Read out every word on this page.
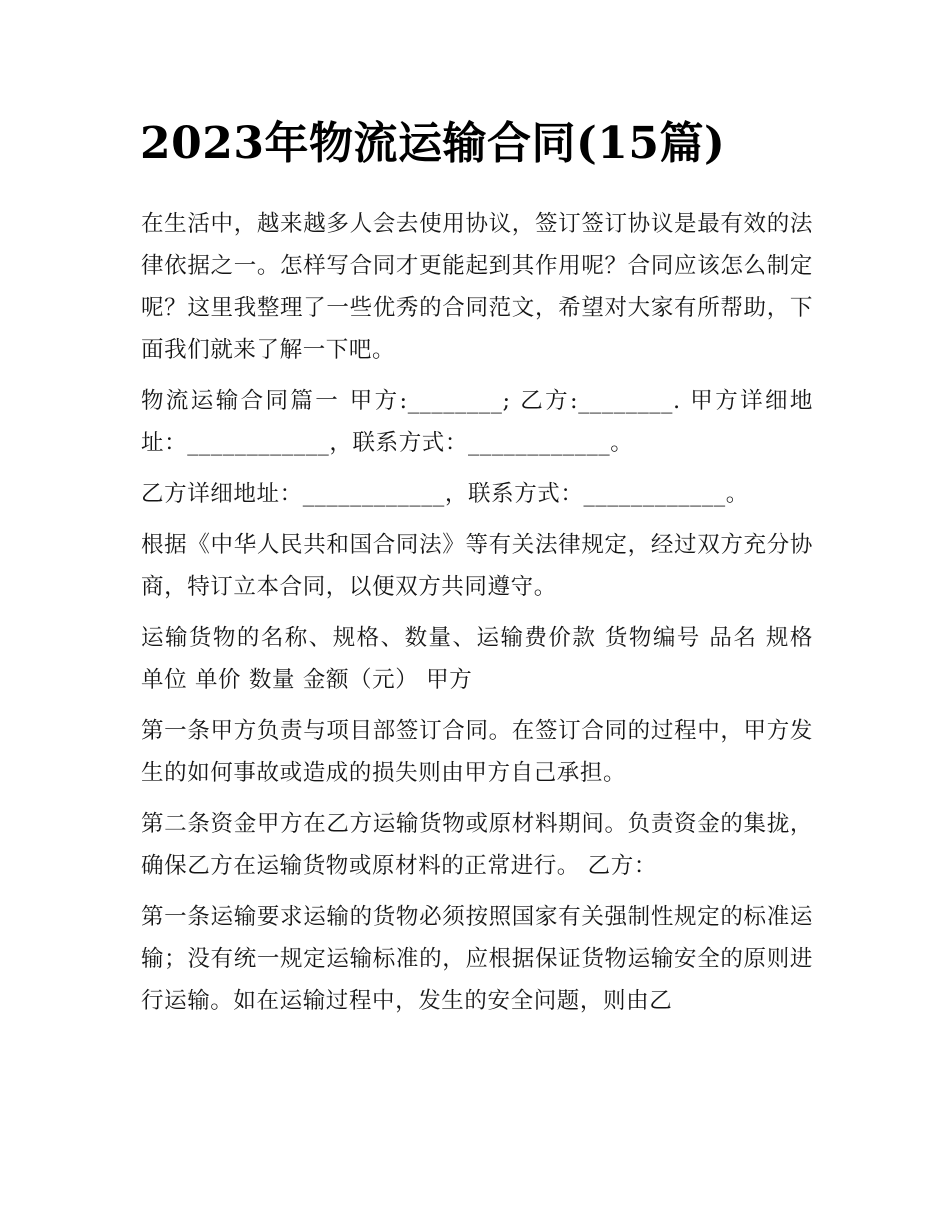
2023年物流运输合同(15篇)

在生活中，越来越多人会去使用协议，签订签订协议是最有效的法律依据之一。怎样写合同才更能起到其作用呢？合同应该怎么制定呢？这里我整理了一些优秀的合同范文，希望对大家有所帮助，下面我们就来了解一下吧。

物流运输合同篇一 甲方:________; 乙方:________. 甲方详细地址：____________，联系方式：____________。

乙方详细地址：____________，联系方式：____________。

根据《中华人民共和国合同法》等有关法律规定，经过双方充分协商，特订立本合同，以便双方共同遵守。

运输货物的名称、规格、数量、运输费价款 货物编号 品名 规格 单位 单价 数量 金额（元） 甲方

第一条甲方负责与项目部签订合同。在签订合同的过程中，甲方发生的如何事故或造成的损失则由甲方自己承担。

第二条资金甲方在乙方运输货物或原材料期间。负责资金的集拢，确保乙方在运输货物或原材料的正常进行。 乙方：

第一条运输要求运输的货物必须按照国家有关强制性规定的标准运输；没有统一规定运输标准的，应根据保证货物运输安全的原则进行运输。如在运输过程中，发生的安全问题，则由乙
